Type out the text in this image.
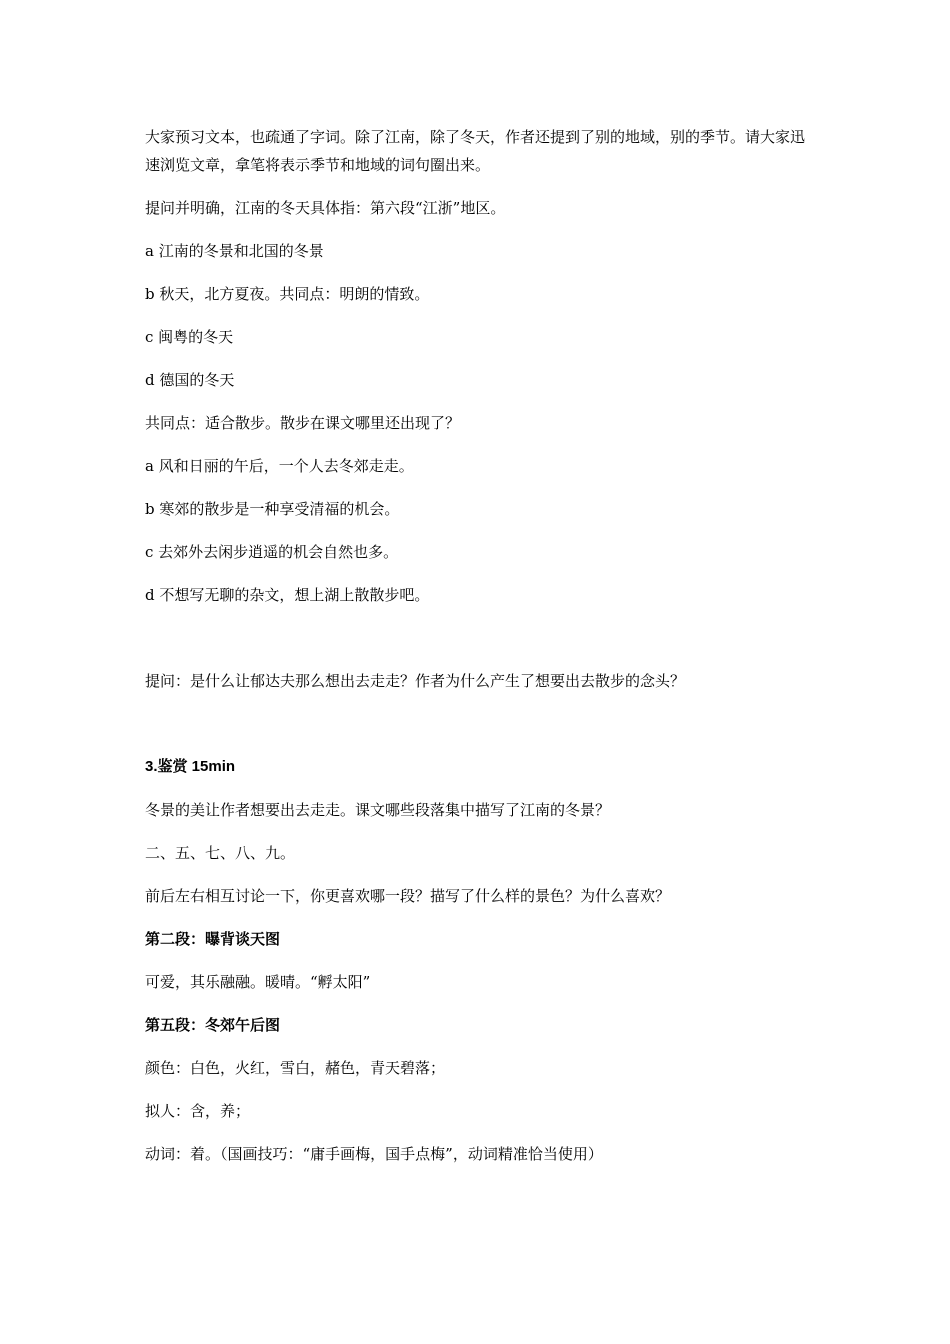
大家预习文本，也疏通了字词。除了江南，除了冬天，作者还提到了别的地域，别的季节。请大家迅速浏览文章，拿笔将表示季节和地域的词句圈出来。

提问并明确，江南的冬天具体指：第六段“江浙”地区。

a 江南的冬景和北国的冬景

b 秋天，北方夏夜。共同点：明朗的情致。

c 闽粤的冬天

d 德国的冬天

共同点：适合散步。散步在课文哪里还出现了？

a 风和日丽的午后，一个人去冬郊走走。

b 寒郊的散步是一种享受清福的机会。

c 去郊外去闲步逍遥的机会自然也多。

d 不想写无聊的杂文，想上湖上散散步吧。

提问：是什么让郁达夫那么想出去走走？作者为什么产生了想要出去散步的念头？

3.鉴赏 15min

冬景的美让作者想要出去走走。课文哪些段落集中描写了江南的冬景？

二、五、七、八、九。

前后左右相互讨论一下，你更喜欢哪一段？描写了什么样的景色？为什么喜欢？

第二段：曝背谈天图

可爱，其乐融融。暖晴。“孵太阳”

第五段：冬郊午后图

颜色：白色，火红，雪白，赭色，青天碧落；

拟人：含，养；

动词：着。（国画技巧：“庸手画梅，国手点梅”，动词精准恰当使用）
